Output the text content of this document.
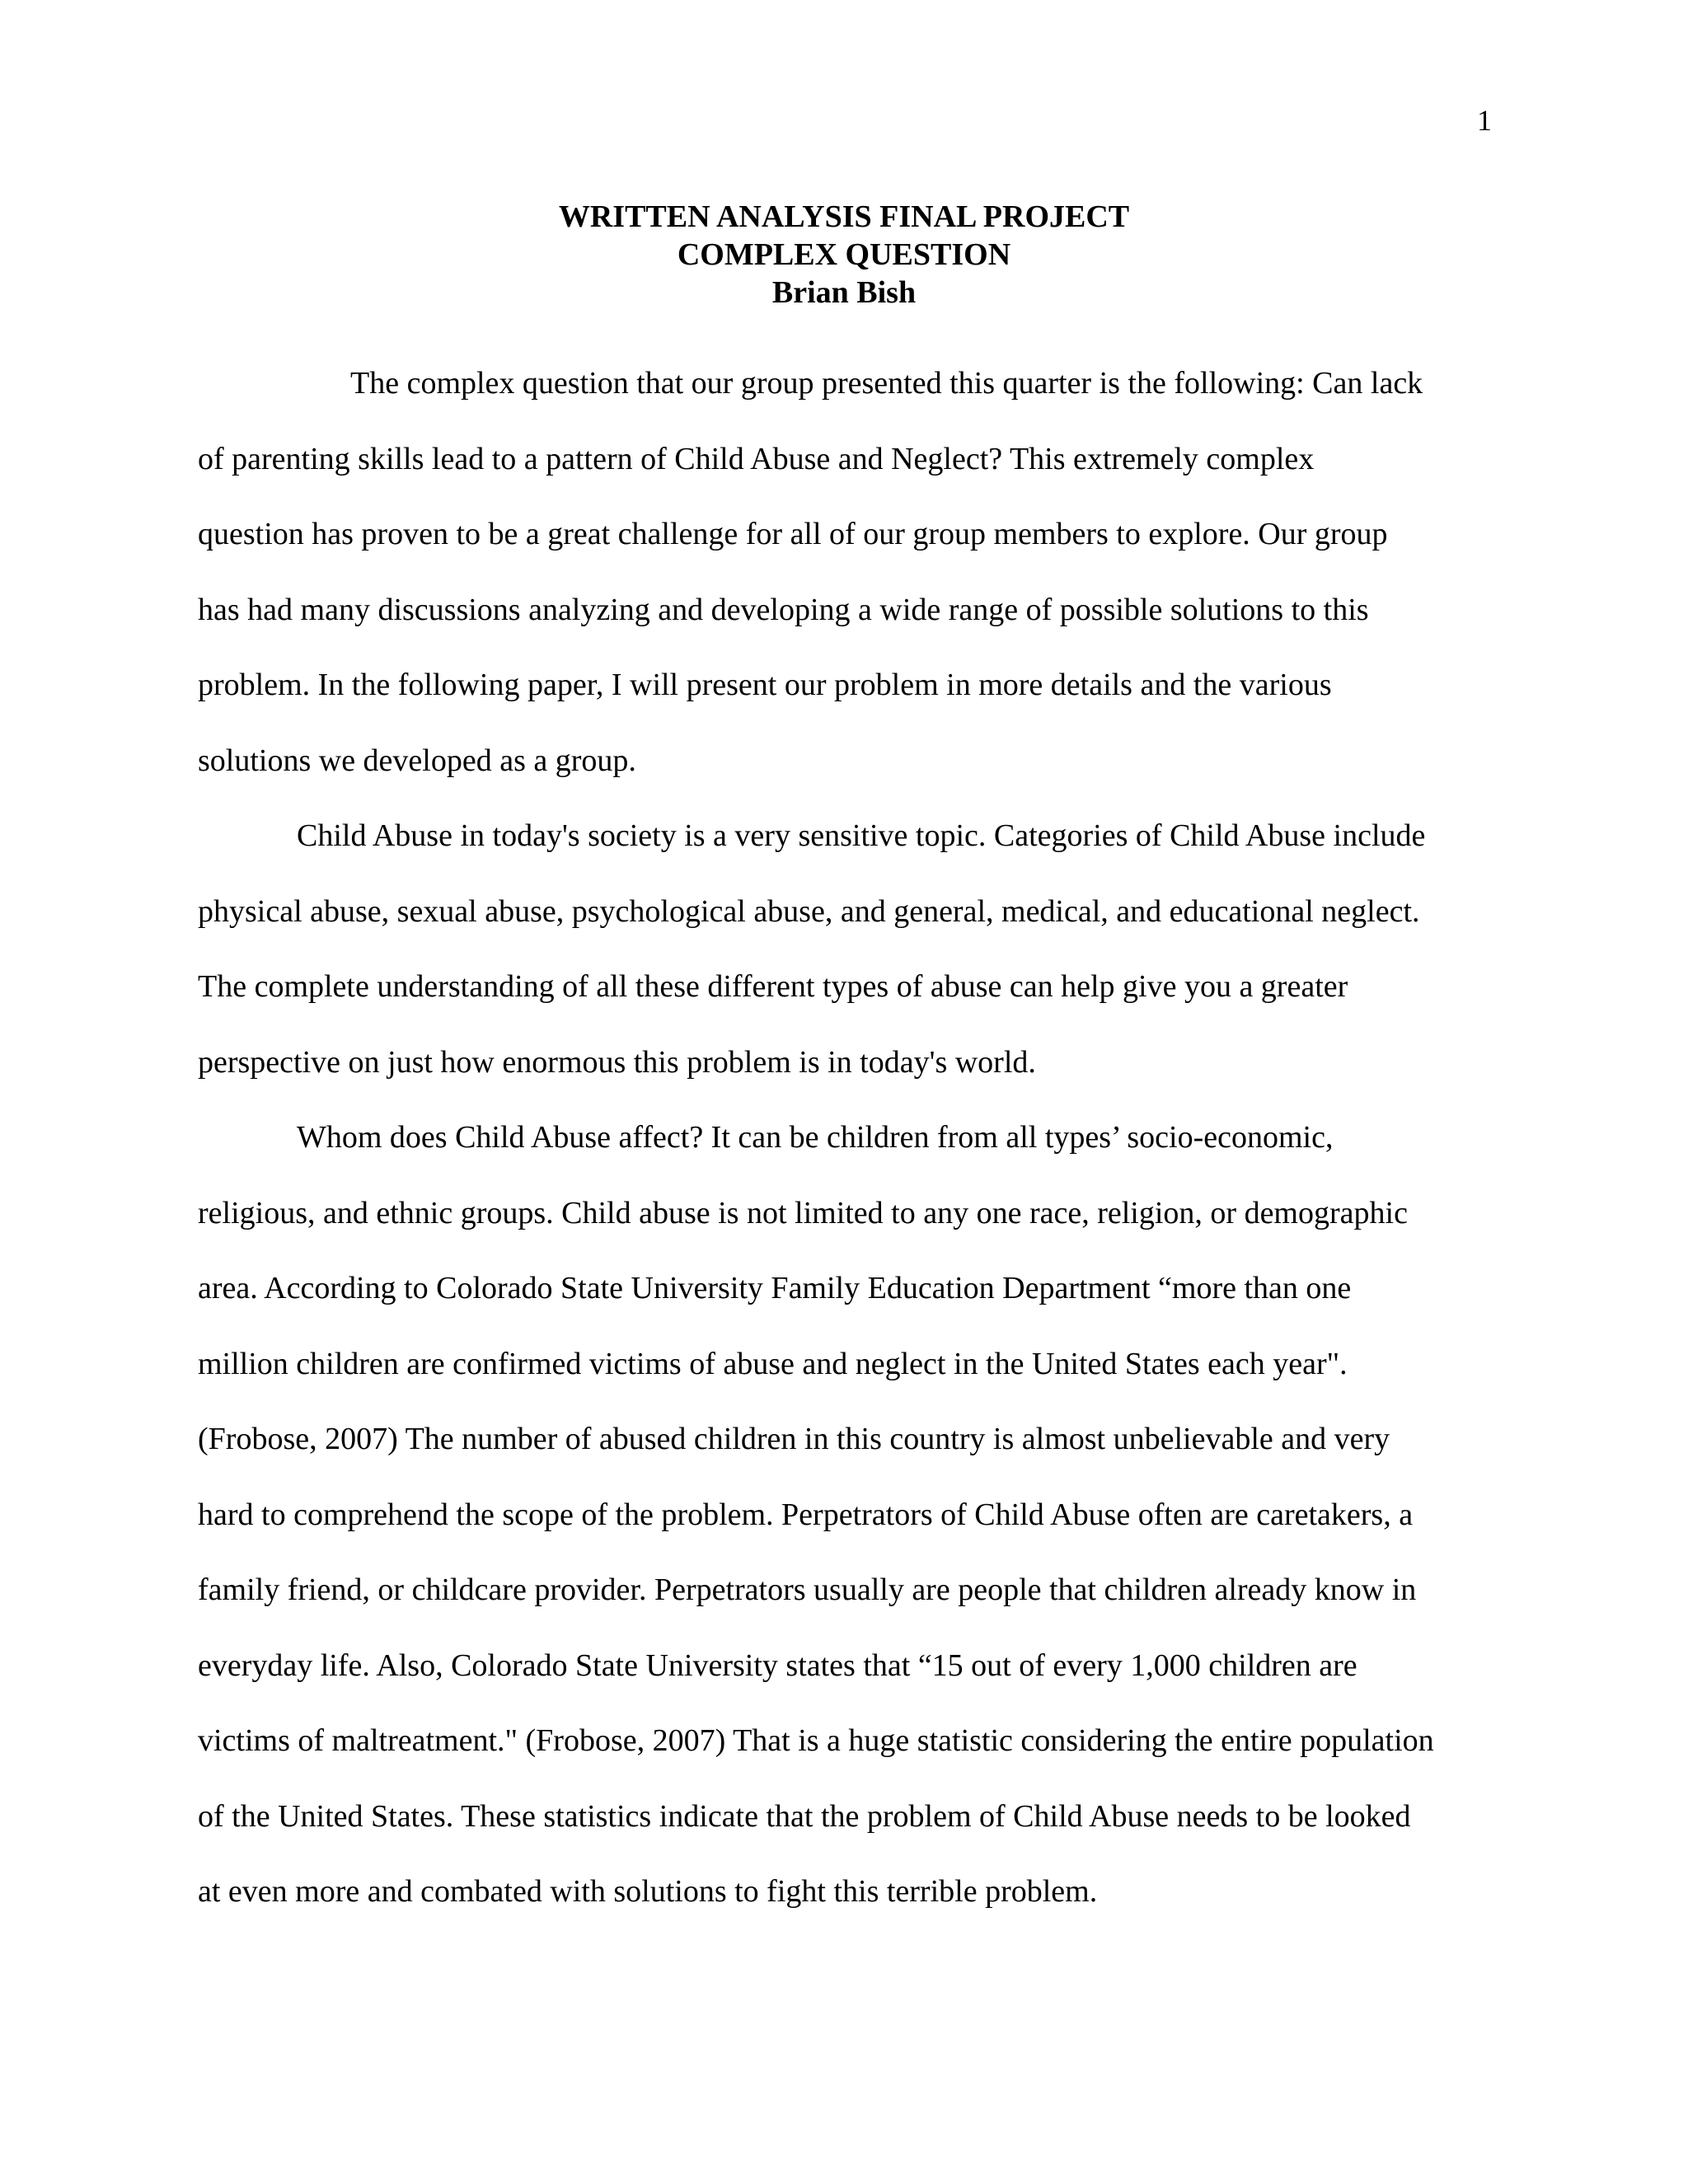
1
WRITTEN ANALYSIS FINAL PROJECT
COMPLEX QUESTION
Brian Bish
The complex question that our group presented this quarter is the following: Can lack
of parenting skills lead to a pattern of Child Abuse and Neglect? This extremely complex
question has proven to be a great challenge for all of our group members to explore. Our group
has had many discussions analyzing and developing a wide range of possible solutions to this
problem. In the following paper, I will present our problem in more details and the various
solutions we developed as a group.
Child Abuse in today's society is a very sensitive topic. Categories of Child Abuse include
physical abuse, sexual abuse, psychological abuse, and general, medical, and educational neglect.
The complete understanding of all these different types of abuse can help give you a greater
perspective on just how enormous this problem is in today's world.
Whom does Child Abuse affect? It can be children from all types’ socio-economic,
religious, and ethnic groups. Child abuse is not limited to any one race, religion, or demographic
area. According to Colorado State University Family Education Department “more than one
million children are confirmed victims of abuse and neglect in the United States each year".
(Frobose, 2007) The number of abused children in this country is almost unbelievable and very
hard to comprehend the scope of the problem. Perpetrators of Child Abuse often are caretakers, a
family friend, or childcare provider. Perpetrators usually are people that children already know in
everyday life. Also, Colorado State University states that “15 out of every 1,000 children are
victims of maltreatment." (Frobose, 2007) That is a huge statistic considering the entire population
of the United States. These statistics indicate that the problem of Child Abuse needs to be looked
at even more and combated with solutions to fight this terrible problem.
